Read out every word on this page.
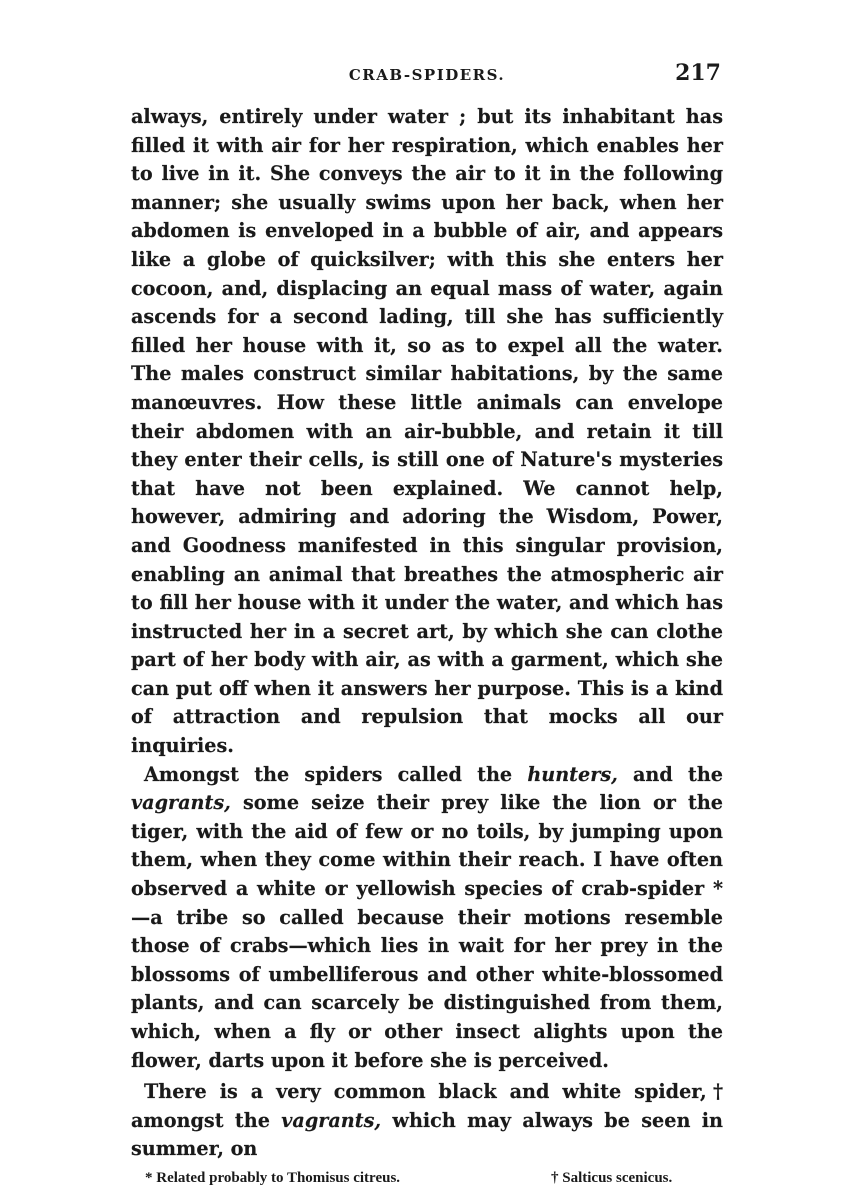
CRAB-SPIDERS.	217

always, entirely under water ; but its inhabitant has filled it with air for her respiration, which enables her to live in it. She conveys the air to it in the following manner; she usually swims upon her back, when her abdomen is enveloped in a bubble of air, and appears like a globe of quicksilver; with this she enters her cocoon, and, displacing an equal mass of water, again ascends for a second lading, till she has sufficiently filled her house with it, so as to expel all the water. The males construct similar habitations, by the same manœuvres. How these little animals can envelope their abdomen with an air-bubble, and retain it till they enter their cells, is still one of Nature's mysteries that have not been explained. We cannot help, however, admiring and adoring the Wisdom, Power, and Goodness manifested in this singular provision, enabling an animal that breathes the atmospheric air to fill her house with it under the water, and which has instructed her in a secret art, by which she can clothe part of her body with air, as with a garment, which she can put off when it answers her purpose. This is a kind of attraction and repulsion that mocks all our inquiries.

Amongst the spiders called the hunters, and the vagrants, some seize their prey like the lion or the tiger, with the aid of few or no toils, by jumping upon them, when they come within their reach. I have often observed a white or yellowish species of crab-spider *—a tribe so called because their motions resemble those of crabs—which lies in wait for her prey in the blossoms of umbelliferous and other white-blossomed plants, and can scarcely be distinguished from them, which, when a fly or other insect alights upon the flower, darts upon it before she is perceived.

There is a very common black and white spider,† amongst the vagrants, which may always be seen in summer, on

* Related probably to Thomisus citreus.	† Salticus scenicus.
